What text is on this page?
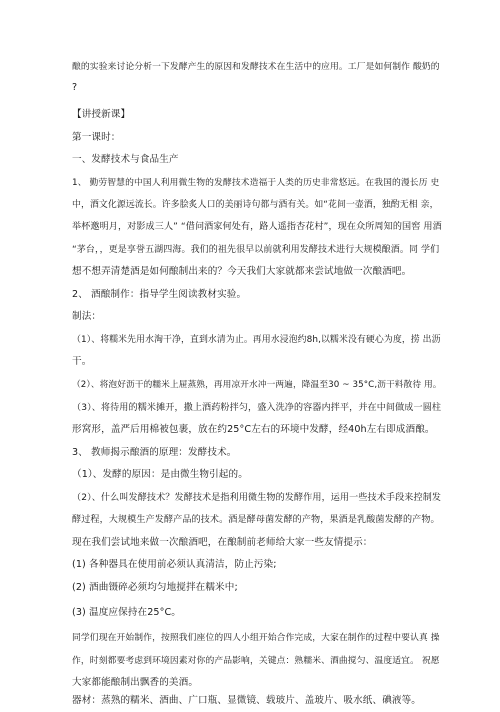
酿的实验来讨论分析一下发酵产生的原因和发酵技术在生活中的应用。工厂是如何制作 酸奶的
?
【讲授新课】
第一课时：
一、发酵技术与食品生产
1、 勤劳智慧的中国人利用微生物的发酵技术造福于人类的历史非常悠远。在我国的漫长历 史
中，酒文化源远流长。许多脍炙人口的美丽诗句都与酒有关。如“花间一壶酒，独酌无相 亲，
举杯邀明月，对影成三人” “借问酒家何处有，路人遥指杏花村”，现在众所周知的国窖 用酒
“茅台，，更是享誉五湖四海。我们的祖先很早以前就利用发酵技术进行大规模酿酒。同 学们
想不想弄清楚酒是如何酿制出来的？今天我们大家就都来尝试地做一次酿酒吧。
2、 酒酿制作：指导学生阅读教材实验。
制法：
（1）、将糯米先用水淘干净，直到水清为止。再用水浸泡约8h,以糯米没有硬心为度，捞 出沥
干。
（2）、将泡好沥干的糯米上屉蒸熟，再用凉开水冲一两遍，降温至30 ~ 35°C,沥干料散待 用。
（3）、将待用的糯米摊开，撒上酒药粉拌匀，盛入洗净的容器内拌平，并在中间做成一圆柱
形窝形，盖严后用棉被包裹，放在约25°C左右的环境中发酵，经40h左右即成酒酿。
3、 教师揭示酿酒的原理：发酵技术。
（1）、发酵的原因：是由微生物引起的。
（2）、什么叫发酵技术？发酵技术是指利用微生物的发酵作用，运用一些技术手段来控制发
酵过程，大规模生产发酵产品的技术。酒是酵母菌发酵的产物，果酒是乳酸菌发酵的产物。
现在我们尝试地来做一次酿酒吧，在酿制前老师给大家一些友情提示：
(1) 各种器具在使用前必须认真清洁，防止污染;
(2) 酒曲镊碎必须均匀地搅拌在糯米中;
(3) 温度应保持在25°C。
同学们现在开始制作，按照我们座位的四人小组开始合作完成，大家在制作的过程中要认真 操
作，时刻都要考虑到环境因素对你的产品影响，关键点：熟糯米、酒曲搅匀、温度适宜。 祝愿
大家都能酿制出飘香的美酒。
器材：蒸熟的糯米、酒曲、广口瓶、显微镜、载玻片、盖玻片、吸水纸、碘液等。
